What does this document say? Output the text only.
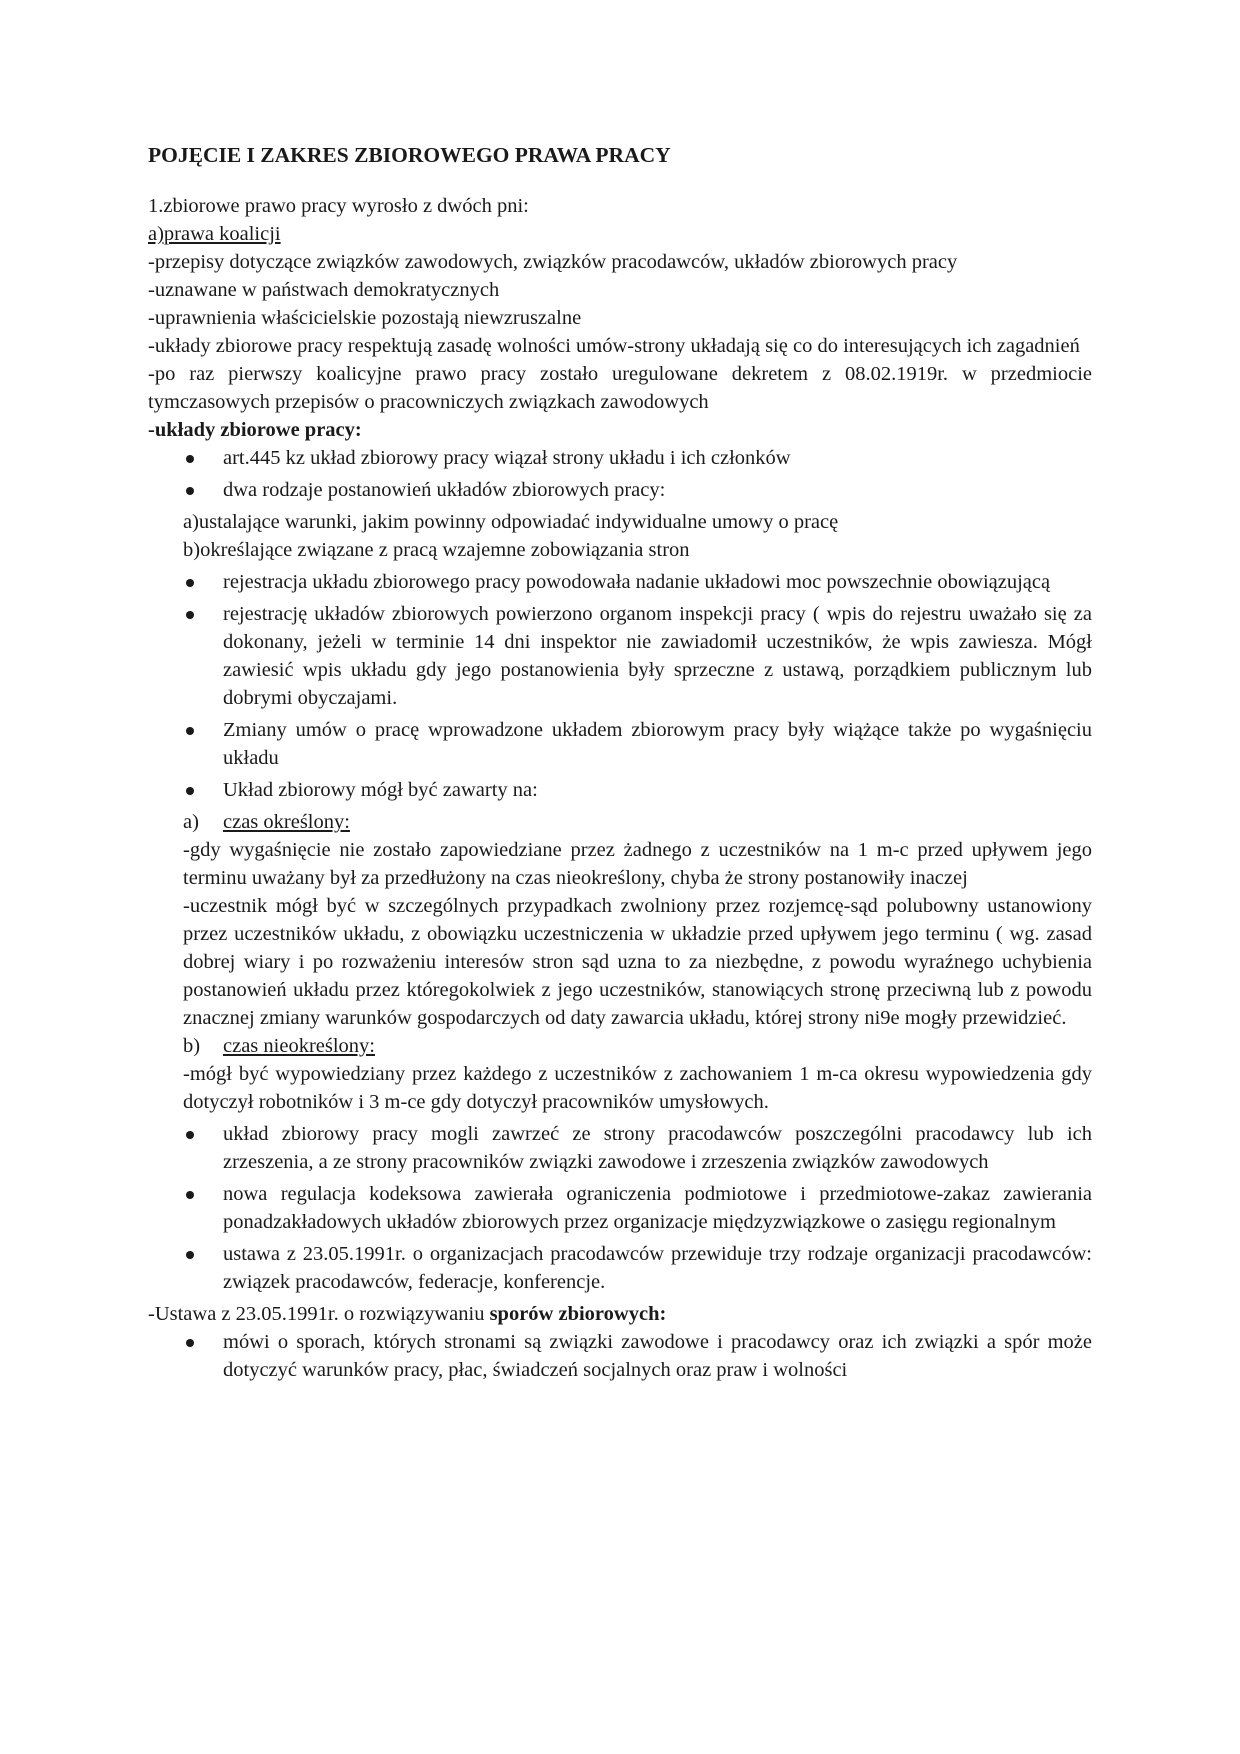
POJĘCIE I ZAKRES ZBIOROWEGO PRAWA PRACY

1.zbiorowe prawo pracy wyrosło z dwóch pni:

a)prawa koalicji

-przepisy dotyczące związków zawodowych, związków pracodawców, układów zbiorowych pracy

-uznawane w państwach demokratycznych

-uprawnienia właścicielskie pozostają niewzruszalne

-układy zbiorowe pracy respektują zasadę wolności umów-strony układają się co do interesujących ich zagadnień

-po raz pierwszy koalicyjne prawo pracy zostało uregulowane dekretem z 08.02.1919r. w przedmiocie tymczasowych przepisów o pracowniczych związkach zawodowych

-układy zbiorowe pracy:

art.445 kz układ zbiorowy pracy wiązał strony układu i ich członków
dwa rodzaje postanowień układów zbiorowych pracy:

a)ustalające warunki, jakim powinny odpowiadać indywidualne umowy o pracę

b)określające związane z pracą wzajemne zobowiązania stron

rejestracja układu zbiorowego pracy powodowała nadanie układowi moc powszechnie obowiązującą
rejestrację układów zbiorowych powierzono organom inspekcji pracy ( wpis do rejestru uważało się za dokonany, jeżeli w terminie 14 dni inspektor nie zawiadomił uczestników, że wpis zawiesza. Mógł zawiesić wpis układu gdy jego postanowienia były sprzeczne z ustawą, porządkiem publicznym lub dobrymi obyczajami.
Zmiany umów o pracę wprowadzone układem zbiorowym pracy były wiążące także po wygaśnięciu układu
Układ zbiorowy mógł być zawarty na:

a) czas określony:

-gdy wygaśnięcie nie zostało zapowiedziane przez żadnego z uczestników na 1 m-c przed upływem jego terminu uważany był za przedłużony na czas nieokreślony, chyba że strony postanowiły inaczej

-uczestnik mógł być w szczególnych przypadkach zwolniony przez rozjemcę-sąd polubowny ustanowiony przez uczestników układu, z obowiązku uczestniczenia w układzie przed upływem jego terminu ( wg. zasad dobrej wiary i po rozważeniu interesów stron sąd uzna to za niezbędne, z powodu wyraźnego uchybienia postanowień układu przez któregokolwiek z jego uczestników, stanowiących stronę przeciwną lub z powodu znacznej zmiany warunków gospodarczych od daty zawarcia układu, której strony ni9e mogły przewidzieć.

b) czas nieokreślony:

-mógł być wypowiedziany przez każdego z uczestników z zachowaniem 1 m-ca okresu wypowiedzenia gdy dotyczył robotników i 3 m-ce gdy dotyczył pracowników umysłowych.

układ zbiorowy pracy mogli zawrzeć ze strony pracodawców poszczególni pracodawcy lub ich zrzeszenia, a ze strony pracowników związki zawodowe i zrzeszenia związków zawodowych
nowa regulacja kodeksowa zawierała ograniczenia podmiotowe i przedmiotowe-zakaz zawierania ponadzakładowych układów zbiorowych przez organizacje międzyzwiązkowe o zasięgu regionalnym
ustawa z 23.05.1991r. o organizacjach pracodawców przewiduje trzy rodzaje organizacji pracodawców: związek pracodawców, federacje, konferencje.

-Ustawa z 23.05.1991r. o rozwiązywaniu sporów zbiorowych:

mówi o sporach, których stronami są związki zawodowe i pracodawcy oraz ich związki a spór może dotyczyć warunków pracy, płac, świadczeń socjalnych oraz praw i wolności
